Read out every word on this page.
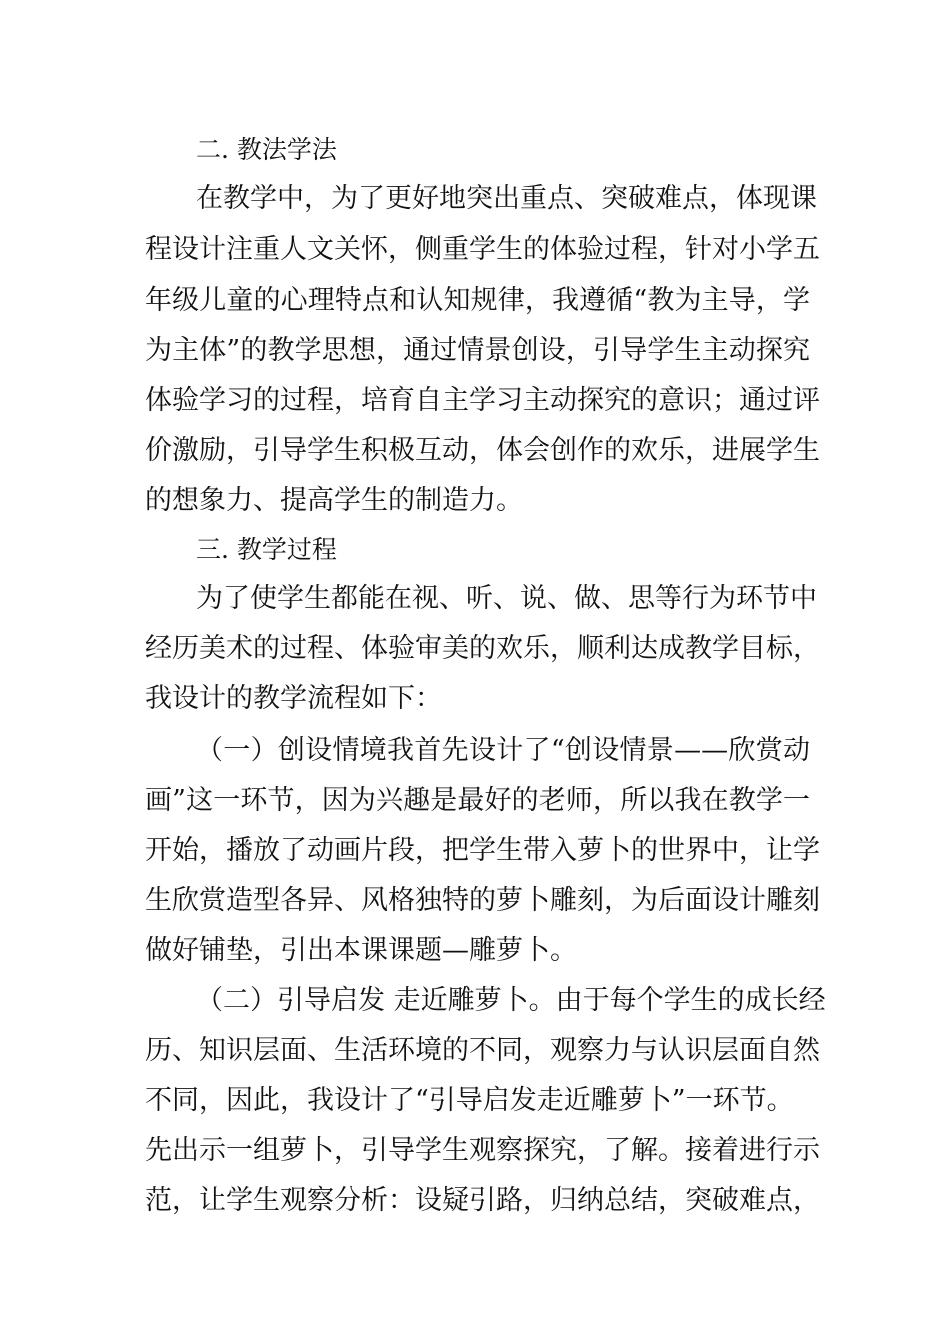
二. 教法学法
在教学中，为了更好地突出重点、突破难点，体现课
程设计注重人文关怀，侧重学生的体验过程，针对小学五
年级儿童的心理特点和认知规律，我遵循“教为主导，学
为主体”的教学思想，通过情景创设，引导学生主动探究
体验学习的过程，培育自主学习主动探究的意识；通过评
价激励，引导学生积极互动，体会创作的欢乐，进展学生
的想象力、提高学生的制造力。
三. 教学过程
为了使学生都能在视、听、说、做、思等行为环节中
经历美术的过程、体验审美的欢乐，顺利达成教学目标，
我设计的教学流程如下：
（一）创设情境我首先设计了“创设情景——欣赏动
画”这一环节，因为兴趣是最好的老师，所以我在教学一
开始，播放了动画片段，把学生带入萝卜的世界中，让学
生欣赏造型各异、风格独特的萝卜雕刻，为后面设计雕刻
做好铺垫，引出本课课题—雕萝卜。
（二）引导启发 走近雕萝卜。由于每个学生的成长经
历、知识层面、生活环境的不同，观察力与认识层面自然
不同，因此，我设计了“引导启发走近雕萝卜”一环节。
先出示一组萝卜，引导学生观察探究，了解。接着进行示
范，让学生观察分析：设疑引路，归纳总结，突破难点，
